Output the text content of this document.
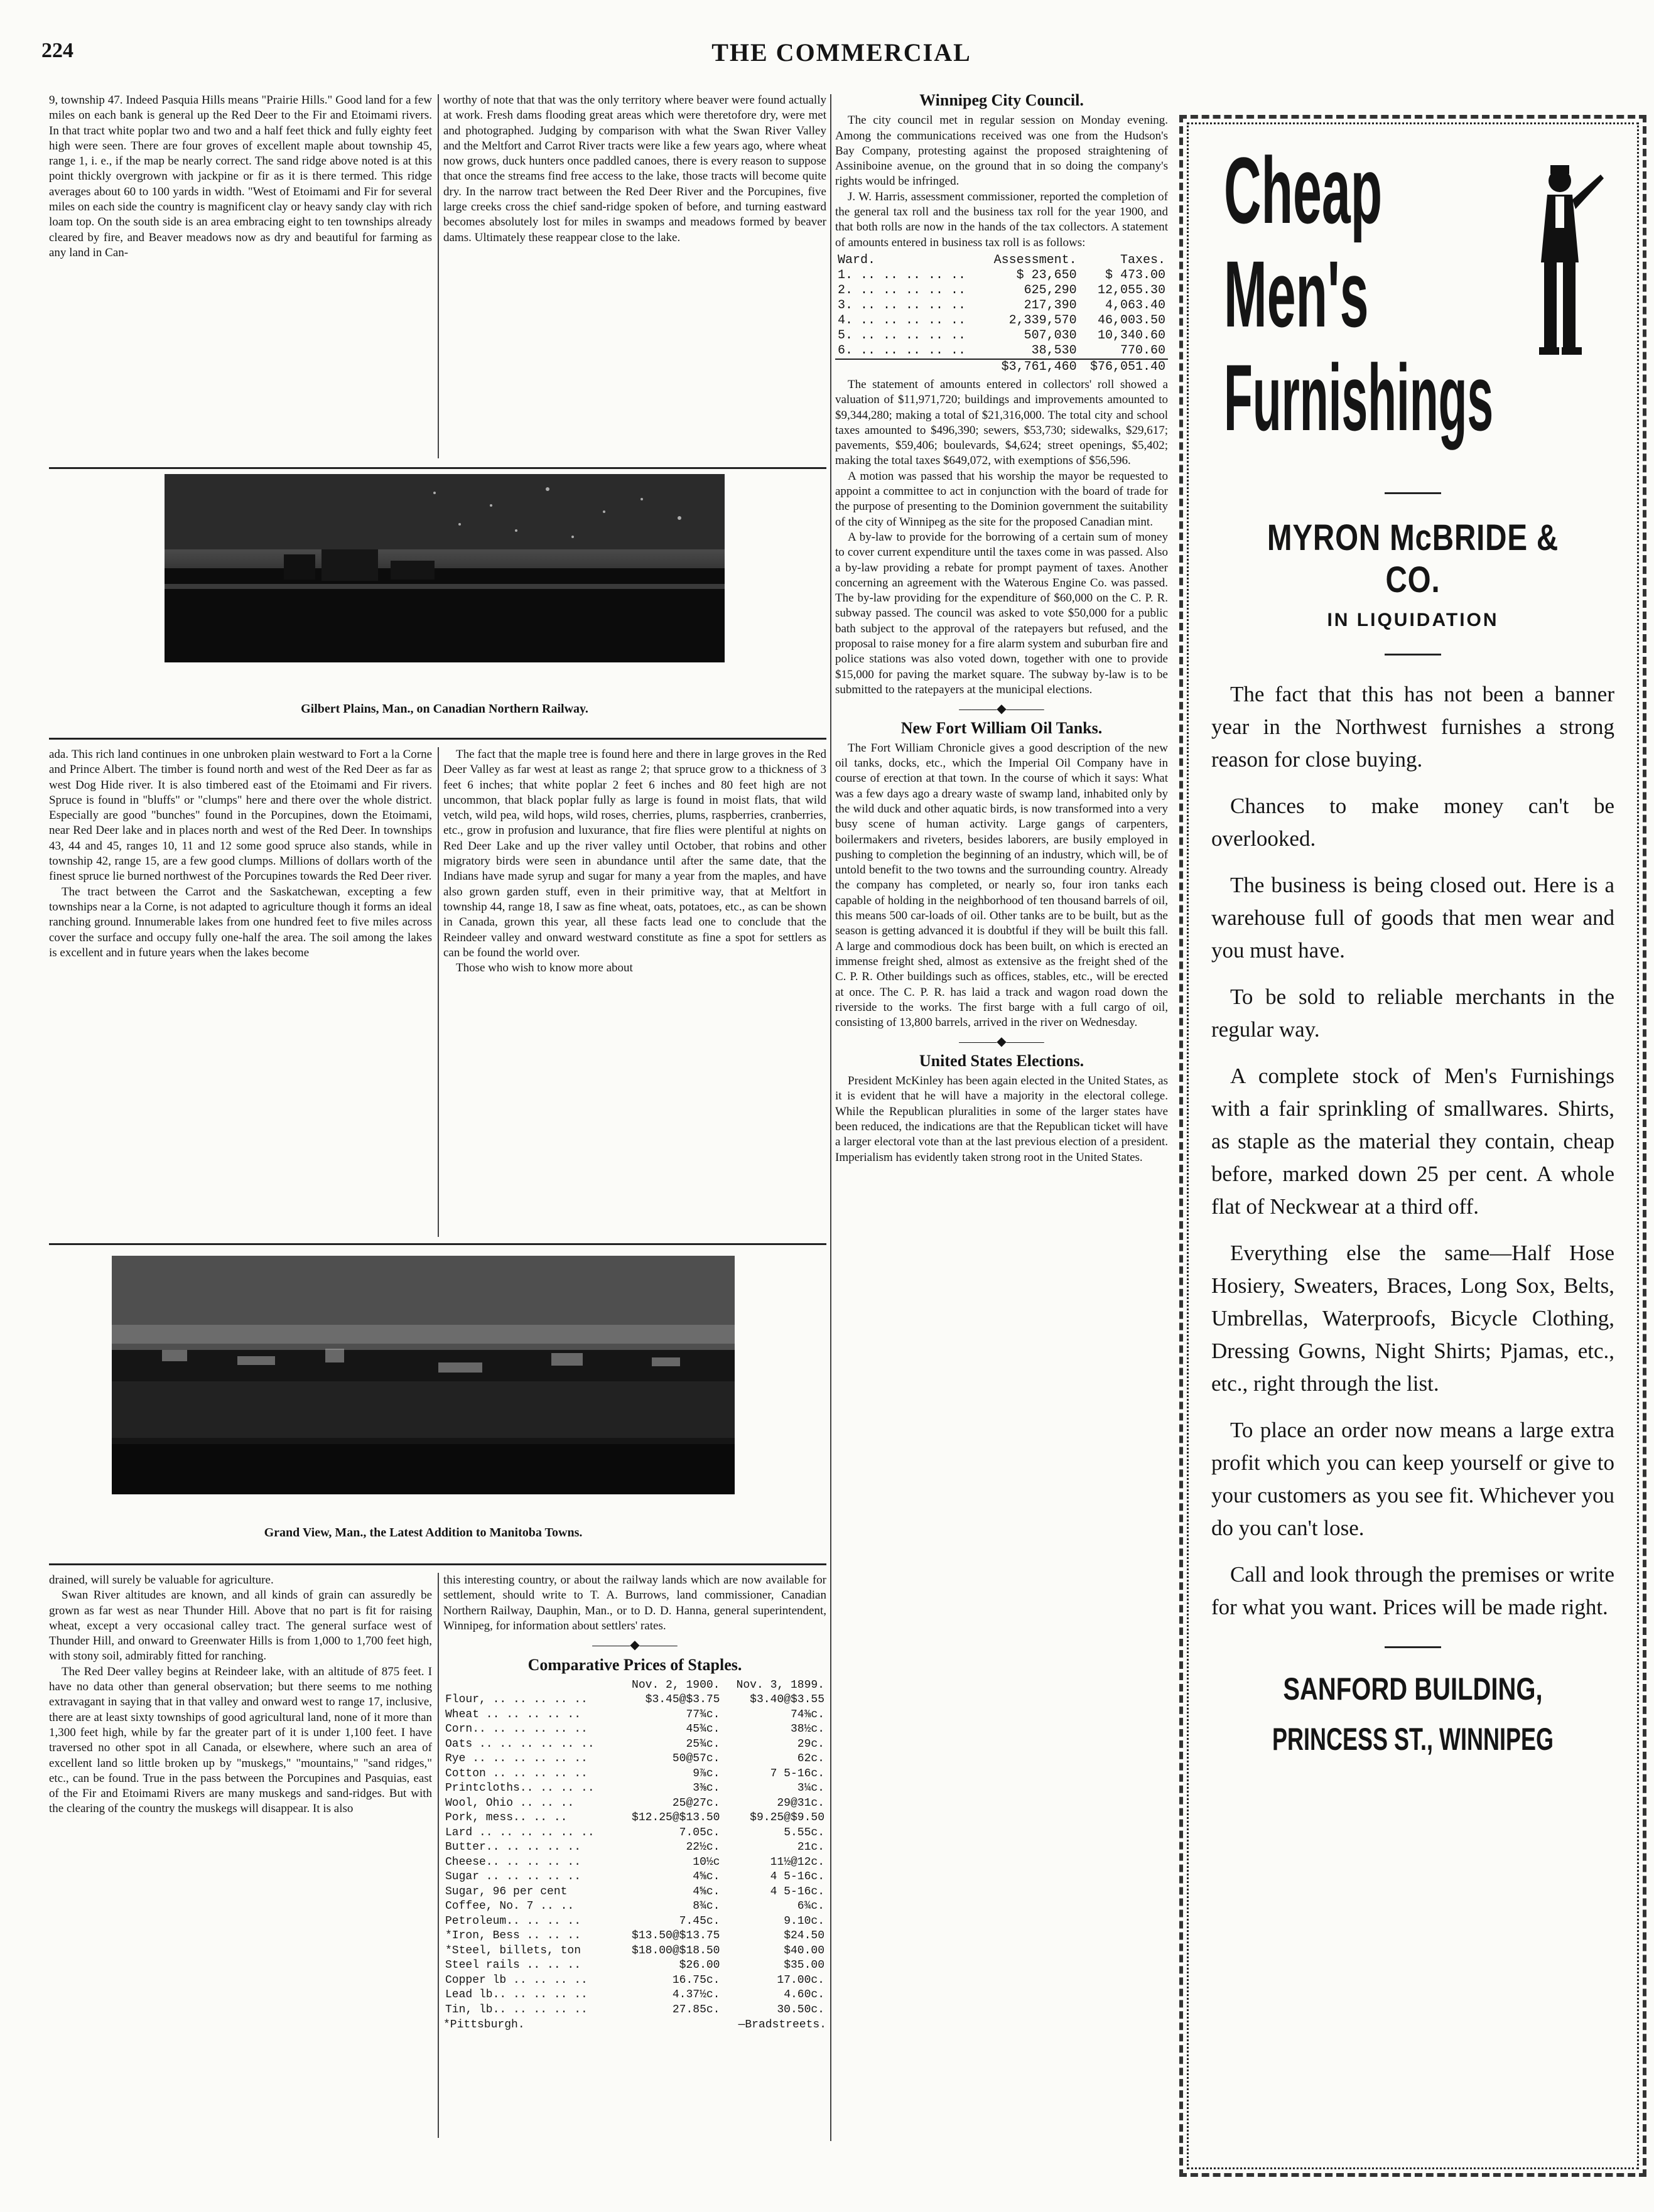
224	THE COMMERCIAL

9, township 47. Indeed Pasquia Hills means "Prairie Hills." Good land for a few miles on each bank is general up the Red Deer to the Fir and Etoimami rivers. In that tract white poplar two and two and a half feet thick and fully eighty feet high were seen. There are four groves of excellent maple about township 45, range 1, i. e., if the map be nearly correct. The sand ridge above noted is at this point thickly overgrown with jackpine or fir as it is there termed. This ridge averages about 60 to 100 yards in width. "West of Etoimami and Fir for several miles on each side the country is magnificent clay or heavy sandy clay with rich loam top. On the south side is an area embracing eight to ten townships already cleared by fire, and Beaver meadows now as dry and beautiful for farming as any land in Can-

worthy of note that that was the only territory where beaver were found actually at work. Fresh dams flooding great areas which were theretofore dry, were met and photographed. Judging by comparison with what the Swan River Valley and the Meltfort and Carrot River tracts were like a few years ago, where wheat now grows, duck hunters once paddled canoes, there is every reason to suppose that once the streams find free access to the lake, those tracts will become quite dry. In the narrow tract between the Red Deer River and the Porcupines, five large creeks cross the chief sand-ridge spoken of before, and turning eastward becomes absolutely lost for miles in swamps and meadows formed by beaver dams. Ultimately these reappear close to the lake.

Gilbert Plains, Man., on Canadian Northern Railway.

ada. This rich land continues in one unbroken plain westward to Fort a la Corne and Prince Albert. The timber is found north and west of the Red Deer as far as west Dog Hide river. It is also timbered east of the Etoimami and Fir rivers. Spruce is found in "bluffs" or "clumps" here and there over the whole district. Especially are good "bunches" found in the Porcupines, down the Etoimami, near Red Deer lake and in places north and west of the Red Deer. In townships 43, 44 and 45, ranges 10, 11 and 12 some good spruce also stands, while in township 42, range 15, are a few good clumps. Millions of dollars worth of the finest spruce lie burned northwest of the Porcupines towards the Red Deer river.

The tract between the Carrot and the Saskatchewan, excepting a few townships near a la Corne, is not adapted to agriculture though it forms an ideal ranching ground. Innumerable lakes from one hundred feet to five miles across cover the surface and occupy fully one-half the area. The soil among the lakes is excellent and in future years when the lakes become

The fact that the maple tree is found here and there in large groves in the Red Deer Valley as far west at least as range 2; that spruce grow to a thickness of 3 feet 6 inches; that white poplar 2 feet 6 inches and 80 feet high are not uncommon, that black poplar fully as large is found in moist flats, that wild vetch, wild pea, wild hops, wild roses, cherries, plums, raspberries, cranberries, etc., grow in profusion and luxurance, that fire flies were plentiful at nights on Red Deer Lake and up the river valley until October, that robins and other migratory birds were seen in abundance until after the same date, that the Indians have made syrup and sugar for many a year from the maples, and have also grown garden stuff, even in their primitive way, that at Meltfort in township 44, range 18, I saw as fine wheat, oats, potatoes, etc., as can be shown in Canada, grown this year, all these facts lead one to conclude that the Reindeer valley and onward westward constitute as fine a spot for settlers as can be found the world over.

Those who wish to know more about

Grand View, Man., the Latest Addition to Manitoba Towns.

drained, will surely be valuable for agriculture.

Swan River altitudes are known, and all kinds of grain can assuredly be grown as far west as near Thunder Hill. Above that no part is fit for raising wheat, except a very occasional calley tract. The general surface west of Thunder Hill, and onward to Greenwater Hills is from 1,000 to 1,700 feet high, with stony soil, admirably fitted for ranching.

The Red Deer valley begins at Reindeer lake, with an altitude of 875 feet. I have no data other than general observation; but there seems to me nothing extravagant in saying that in that valley and onward west to range 17, inclusive, there are at least sixty townships of good agricultural land, none of it more than 1,300 feet high, while by far the greater part of it is under 1,100 feet. I have traversed no other spot in all Canada, or elsewhere, where such an area of excellent land so little broken up by "muskegs," "mountains," "sand ridges," etc., can be found. True in the pass between the Porcupines and Pasquias, east of the Fir and Etoimami Rivers are many muskegs and sand-ridges. But with the clearing of the country the muskegs will disappear. It is also

this interesting country, or about the railway lands which are now available for settlement, should write to T. A. Burrows, land commissioner, Canadian Northern Railway, Dauphin, Man., or to D. D. Hanna, general superintendent, Winnipeg, for information about settlers' rates.

———◆———
Comparative Prices of Staples.
	Nov. 2, 1900.	Nov. 3, 1899.
Flour, .. .. .. .. ..	$3.45@$3.75	$3.40@$3.55
Wheat .. .. .. .. ..	77¾c.	74⅜c.
Corn.. .. .. .. .. ..	45¾c.	38½c.
Oats .. .. .. .. .. ..	25¾c.	29c.
Rye .. .. .. .. .. ..	50@57c.	62c.
Cotton .. .. .. .. ..	9⅞c.	7 5-16c.
Printcloths.. .. .. ..	3⅜c.	3¼c.
Wool, Ohio .. .. ..	25@27c.	29@31c.
Pork, mess.. .. ..	$12.25@$13.50	$9.25@$9.50
Lard .. .. .. .. .. ..	7.05c.	5.55c.
Butter.. .. .. .. ..	22½c.	21c.
Cheese.. .. .. .. ..	10½c	11½@12c.
Sugar .. .. .. .. ..	4⅝c.	4 5-16c.
Sugar, 96 per cent	4⅝c.	4 5-16c.
Coffee, No. 7 .. ..	8¾c.	6¾c.
Petroleum.. .. .. ..	7.45c.	9.10c.
*Iron, Bess .. .. ..	$13.50@$13.75	$24.50
*Steel, billets, ton	$18.00@$18.50	$40.00
Steel rails .. .. ..	$26.00	$35.00
Copper lb .. .. .. ..	16.75c.	17.00c.
Lead lb.. .. .. .. ..	4.37½c.	4.60c.
Tin, lb.. .. .. .. ..	27.85c.	30.50c.
*Pittsburgh.	—Bradstreets.
Winnipeg City Council.

The city council met in regular session on Monday evening. Among the communications received was one from the Hudson's Bay Company, protesting against the proposed straightening of Assiniboine avenue, on the ground that in so doing the company's rights would be infringed.

J. W. Harris, assessment commissioner, reported the completion of the general tax roll and the business tax roll for the year 1900, and that both rolls are now in the hands of the tax collectors. A statement of amounts entered in business tax roll is as follows:

Ward.	Assessment.	Taxes.
1. .. .. .. .. ..	$ 23,650	$ 473.00
2. .. .. .. .. ..	625,290	12,055.30
3. .. .. .. .. ..	217,390	4,063.40
4. .. .. .. .. ..	2,339,570	46,003.50
5. .. .. .. .. ..	507,030	10,340.60
6. .. .. .. .. ..	38,530	770.60
	$3,761,460	$76,051.40

The statement of amounts entered in collectors' roll showed a valuation of $11,971,720; buildings and improvements amounted to $9,344,280; making a total of $21,316,000. The total city and school taxes amounted to $496,390; sewers, $53,730; sidewalks, $29,617; pavements, $59,406; boulevards, $4,624; street openings, $5,402; making the total taxes $649,072, with exemptions of $56,596.

A motion was passed that his worship the mayor be requested to appoint a committee to act in conjunction with the board of trade for the purpose of presenting to the Dominion government the suitability of the city of Winnipeg as the site for the proposed Canadian mint.

A by-law to provide for the borrowing of a certain sum of money to cover current expenditure until the taxes come in was passed. Also a by-law providing a rebate for prompt payment of taxes. Another concerning an agreement with the Waterous Engine Co. was passed. The by-law providing for the expenditure of $60,000 on the C. P. R. subway passed. The council was asked to vote $50,000 for a public bath subject to the approval of the ratepayers but refused, and the proposal to raise money for a fire alarm system and suburban fire and police stations was also voted down, together with one to provide $15,000 for paving the market square. The subway by-law is to be submitted to the ratepayers at the municipal elections.

———◆———
New Fort William Oil Tanks.

The Fort William Chronicle gives a good description of the new oil tanks, docks, etc., which the Imperial Oil Company have in course of erection at that town. In the course of which it says: What was a few days ago a dreary waste of swamp land, inhabited only by the wild duck and other aquatic birds, is now transformed into a very busy scene of human activity. Large gangs of carpenters, boilermakers and riveters, besides laborers, are busily employed in pushing to completion the beginning of an industry, which will, be of untold benefit to the two towns and the surrounding country. Already the company has completed, or nearly so, four iron tanks each capable of holding in the neighborhood of ten thousand barrels of oil, this means 500 car-loads of oil. Other tanks are to be built, but as the season is getting advanced it is doubtful if they will be built this fall. A large and commodious dock has been built, on which is erected an immense freight shed, almost as extensive as the freight shed of the C. P. R. Other buildings such as offices, stables, etc., will be erected at once. The C. P. R. has laid a track and wagon road down the riverside to the works. The first barge with a full cargo of oil, consisting of 13,800 barrels, arrived in the river on Wednesday.

———◆———
United States Elections.

President McKinley has been again elected in the United States, as it is evident that he will have a majority in the electoral college. While the Republican pluralities in some of the larger states have been reduced, the indications are that the Republican ticket will have a larger electoral vote than at the last previous election of a president. Imperialism has evidently taken strong root in the United States.

Cheap
Men's
Furnishings
MYRON McBRIDE & CO.
IN LIQUIDATION

The fact that this has not been a banner year in the Northwest furnishes a strong reason for close buying.

Chances to make money can't be overlooked.

The business is being closed out. Here is a warehouse full of goods that men wear and you must have.

To be sold to reliable merchants in the regular way.

A complete stock of Men's Furnishings with a fair sprinkling of smallwares. Shirts, as staple as the material they contain, cheap before, marked down 25 per cent. A whole flat of Neckwear at a third off.

Everything else the same—Half Hose Hosiery, Sweaters, Braces, Long Sox, Belts, Umbrellas, Waterproofs, Bicycle Clothing, Dressing Gowns, Night Shirts; Pjamas, etc., etc., right through the list.

To place an order now means a large extra profit which you can keep yourself or give to your customers as you see fit. Whichever you do you can't lose.

Call and look through the premises or write for what you want. Prices will be made right.

SANFORD BUILDING,
PRINCESS ST., WINNIPEG
